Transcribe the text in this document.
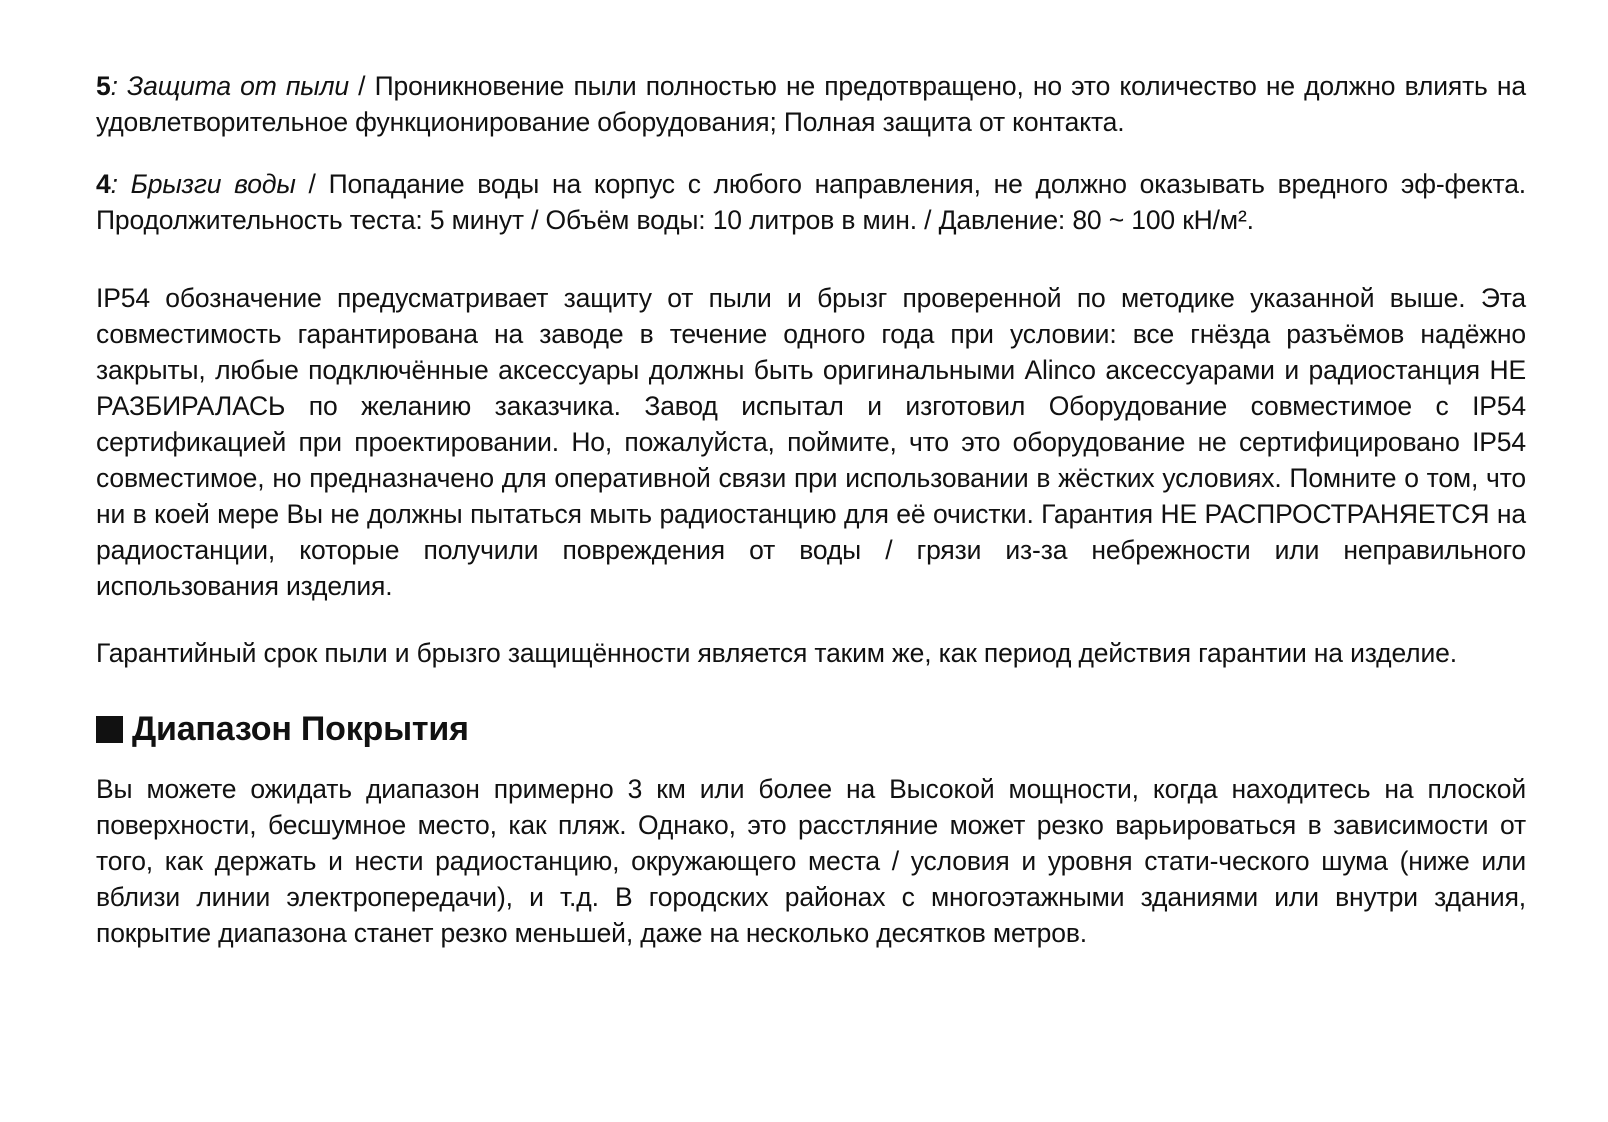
5: Защита от пыли / Проникновение пыли полностью не предотвращено, но это количество не должно влиять на удовлетворительное функционирование оборудования; Полная защита от контакта.

4: Брызги воды / Попадание воды на корпус с любого направления, не должно оказывать вредного эф-фекта. Продолжительность теста: 5 минут / Объём воды: 10 литров в мин. / Давление: 80 ~ 100 кН/м².

IP54 обозначение предусматривает защиту от пыли и брызг проверенной по методике указанной выше. Эта совместимость гарантирована на заводе в течение одного года при условии: все гнёзда разъёмов надёжно закрыты, любые подключённые аксессуары должны быть оригинальными Alinco аксессуарами и радиостанция НЕ РАЗБИРАЛАСЬ по желанию заказчика. Завод испытал и изготовил Оборудование совместимое с IP54 сертификацией при проектировании. Но, пожалуйста, поймите, что это оборудование не сертифицировано IP54 совместимое, но предназначено для оперативной связи при использовании в жёстких условиях. Помните о том, что ни в коей мере Вы не должны пытаться мыть радиостанцию для её очистки. Гарантия НЕ РАСПРОСТРАНЯЕТСЯ на радиостанции, которые получили повреждения от воды / грязи из-за небрежности или неправильного использования изделия.

Гарантийный срок пыли и брызго защищённости является таким же, как период действия гарантии на изделие.

Диапазон Покрытия

Вы можете ожидать диапазон примерно 3 км или более на Высокой мощности, когда находитесь на плоской поверхности, бесшумное место, как пляж. Однако, это расстляние может резко варьироваться в зависимости от того, как держать и нести радиостанцию, окружающего места / условия и уровня стати-ческого шума (ниже или вблизи линии электропередачи), и т.д. В городских районах с многоэтажными зданиями или внутри здания, покрытие диапазона станет резко меньшей, даже на несколько десятков метров.
